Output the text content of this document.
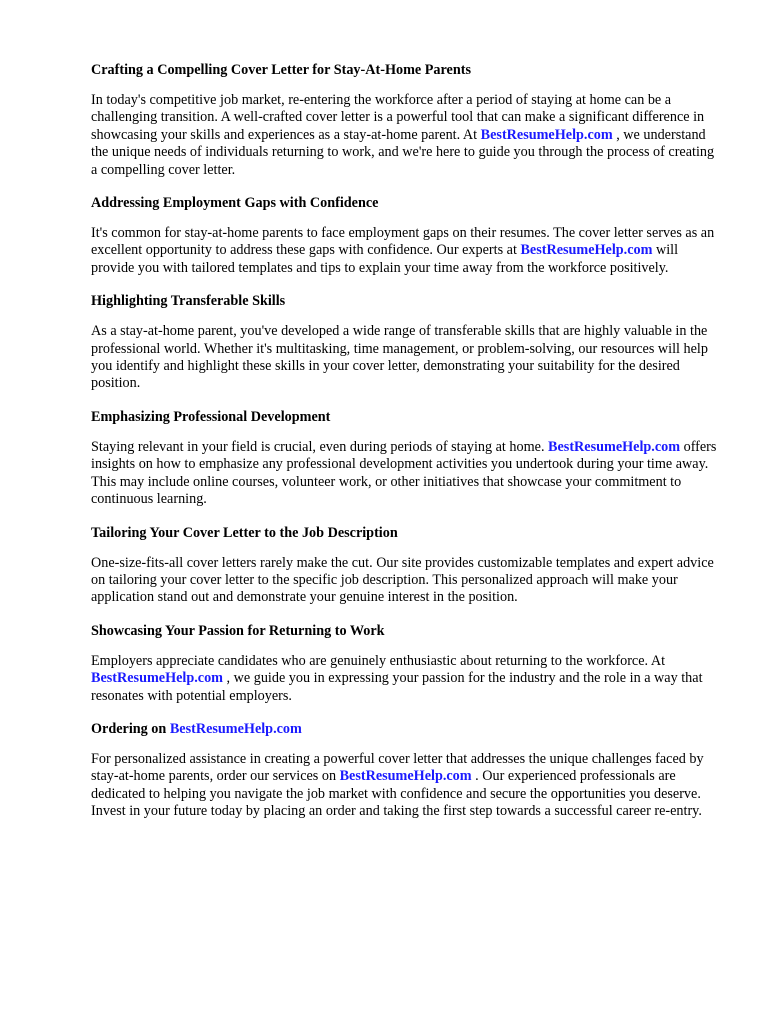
Crafting a Compelling Cover Letter for Stay-At-Home Parents

In today's competitive job market, re-entering the workforce after a period of staying at home can be a challenging transition. A well-crafted cover letter is a powerful tool that can make a significant difference in showcasing your skills and experiences as a stay-at-home parent. At BestResumeHelp.com , we understand the unique needs of individuals returning to work, and we're here to guide you through the process of creating a compelling cover letter.

Addressing Employment Gaps with Confidence

It's common for stay-at-home parents to face employment gaps on their resumes. The cover letter serves as an excellent opportunity to address these gaps with confidence. Our experts at BestResumeHelp.com will provide you with tailored templates and tips to explain your time away from the workforce positively.

Highlighting Transferable Skills

As a stay-at-home parent, you've developed a wide range of transferable skills that are highly valuable in the professional world. Whether it's multitasking, time management, or problem-solving, our resources will help you identify and highlight these skills in your cover letter, demonstrating your suitability for the desired position.

Emphasizing Professional Development

Staying relevant in your field is crucial, even during periods of staying at home. BestResumeHelp.com offers insights on how to emphasize any professional development activities you undertook during your time away. This may include online courses, volunteer work, or other initiatives that showcase your commitment to continuous learning.

Tailoring Your Cover Letter to the Job Description

One-size-fits-all cover letters rarely make the cut. Our site provides customizable templates and expert advice on tailoring your cover letter to the specific job description. This personalized approach will make your application stand out and demonstrate your genuine interest in the position.

Showcasing Your Passion for Returning to Work

Employers appreciate candidates who are genuinely enthusiastic about returning to the workforce. At BestResumeHelp.com , we guide you in expressing your passion for the industry and the role in a way that resonates with potential employers.

Ordering on BestResumeHelp.com

For personalized assistance in creating a powerful cover letter that addresses the unique challenges faced by stay-at-home parents, order our services on BestResumeHelp.com . Our experienced professionals are dedicated to helping you navigate the job market with confidence and secure the opportunities you deserve. Invest in your future today by placing an order and taking the first step towards a successful career re-entry.
